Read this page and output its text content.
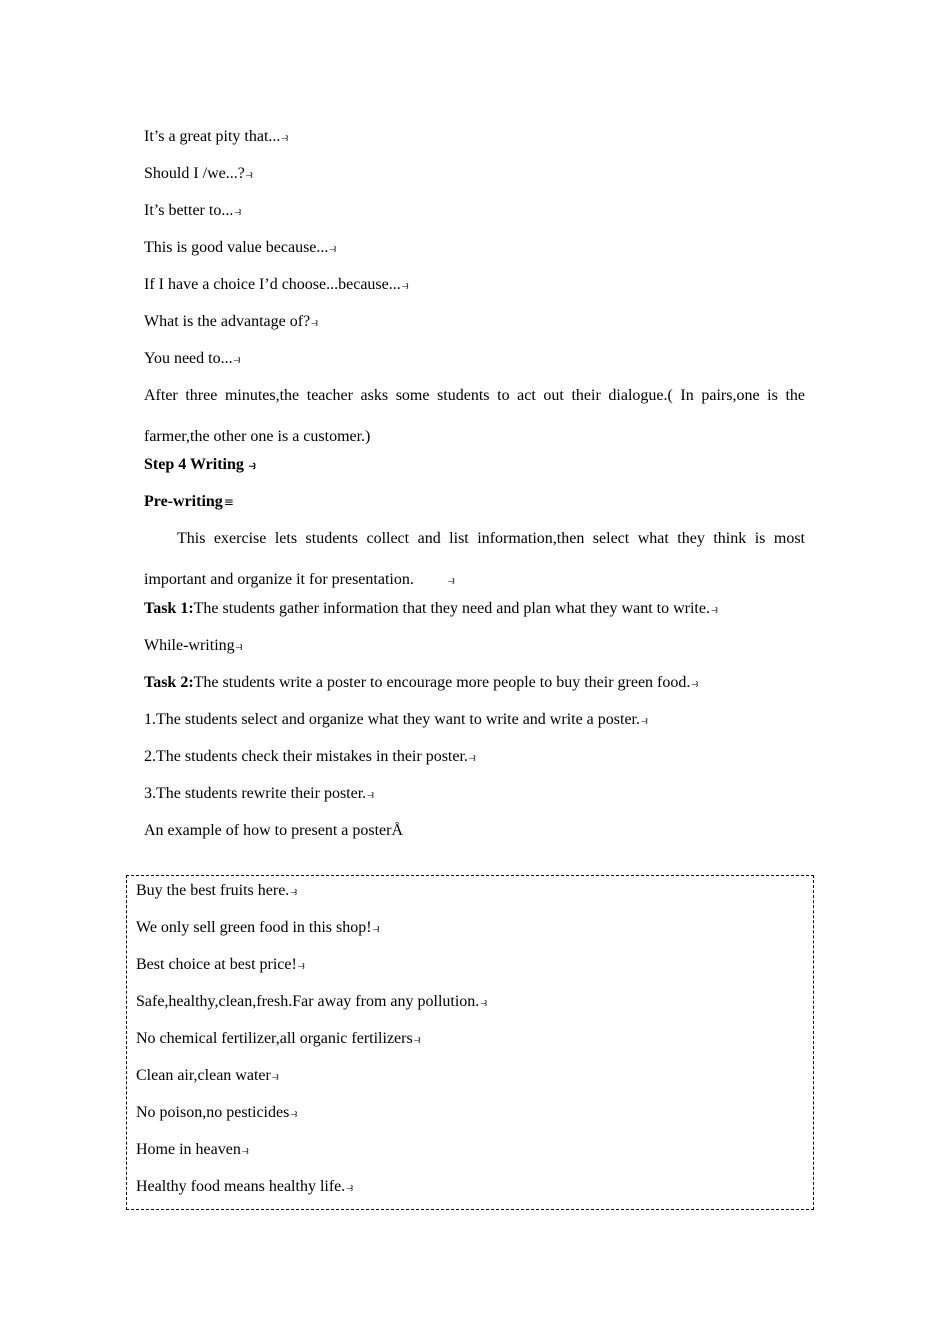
It’s a great pity that...⥽
Should I /we...?⥽
It’s better to...⥽
This is good value because...⥽
If I have a choice I’d choose...because...⥽
What is the advantage of?⥽
You need to...⥽
After three minutes,the teacher asks some students to act out their dialogue.( In pairs,one is the farmer,the other one is a customer.)
Step 4 Writing ⥽
Pre-writing≡
This exercise lets students collect and list information,then select what they think is most important and organize it for presentation.	⥽
Task 1:The students gather information that they need and plan what they want to write.⥽
While-writing⥽
Task 2:The students write a poster to encourage more people to buy their green food.⥽
1.The students select and organize what they want to write and write a poster.⥽
2.The students check their mistakes in their poster.⥽
3.The students rewrite their poster.⥽
An example of how to present a posterÅ
Buy the best fruits here.⥽
We only sell green food in this shop!⥽
Best choice at best price!⥽
Safe,healthy,clean,fresh.Far away from any pollution.⥽
No chemical fertilizer,all organic fertilizers⥽
Clean air,clean water⥽
No poison,no pesticides⥽
Home in heaven⥽
Healthy food means healthy life.⥽
